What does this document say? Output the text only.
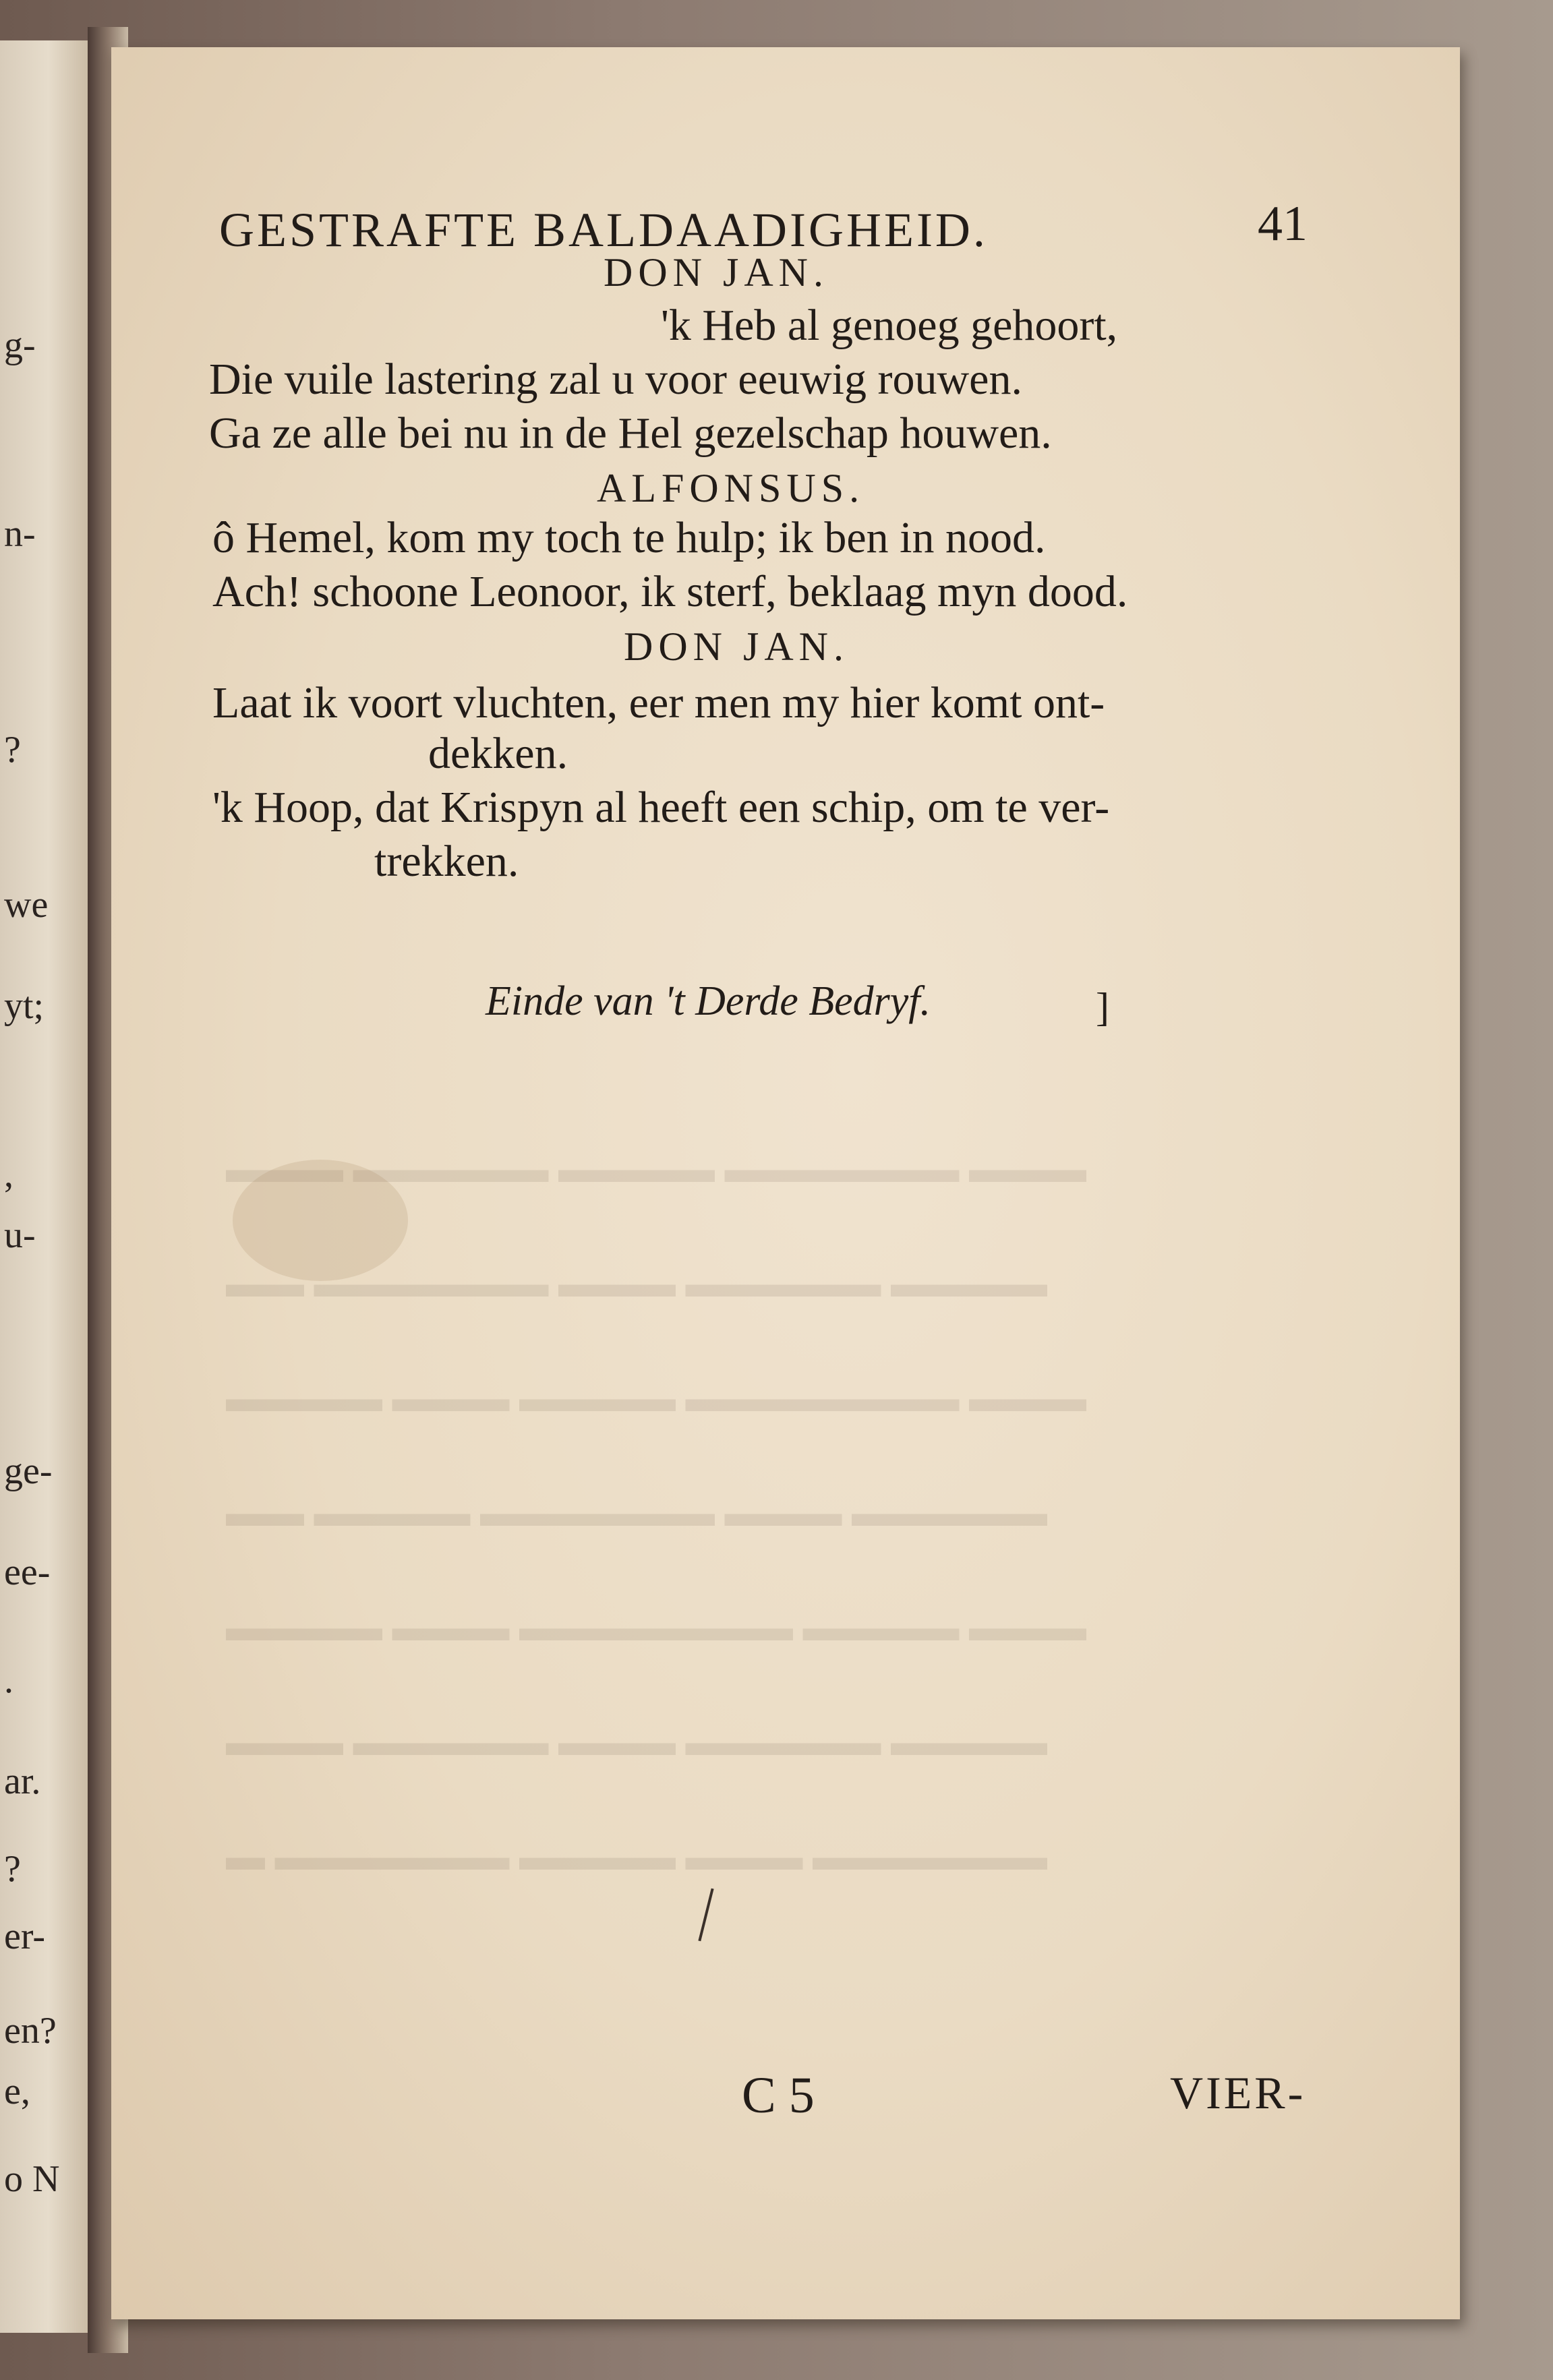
g-
n-
?
we
yt;
,
u-
ge-
ee-
.
ar.
?
er-
en?
e,
o N
▬▬▬ ▬▬▬▬▬▬ ▬▬▬▬ ▬▬▬▬▬ ▬▬▬
▬▬▬▬ ▬▬▬▬▬ ▬▬▬ ▬▬▬▬▬▬ ▬▬
▬▬▬ ▬▬▬▬▬▬▬ ▬▬▬▬ ▬▬▬ ▬▬▬▬
▬▬▬▬▬ ▬▬▬ ▬▬▬▬▬▬ ▬▬▬▬ ▬▬
▬▬▬ ▬▬▬▬ ▬▬▬▬▬▬▬ ▬▬▬ ▬▬▬▬
▬▬▬▬ ▬▬▬▬▬ ▬▬▬ ▬▬▬▬▬ ▬▬▬
▬▬▬▬▬▬ ▬▬▬ ▬▬▬▬ ▬▬▬▬▬▬ ▬
GESTRAFTE BALDAADIGHEID.	41
DON JAN.
'k Heb al genoeg gehoort,
Die vuile lastering zal u voor eeuwig rouwen.
Ga ze alle bei nu in de Hel gezelschap houwen.
ALFONSUS.
ô Hemel, kom my toch te hulp; ik ben in nood.
Ach! schoone Leonoor, ik sterf, beklaag myn dood.
DON JAN.
Laat ik voort vluchten, eer men my hier komt ont-
dekken.
'k Hoop, dat Krispyn al heeft een schip, om te ver-
trekken.
Einde van 't Derde Bedryf.	]
C 5	VIER-
